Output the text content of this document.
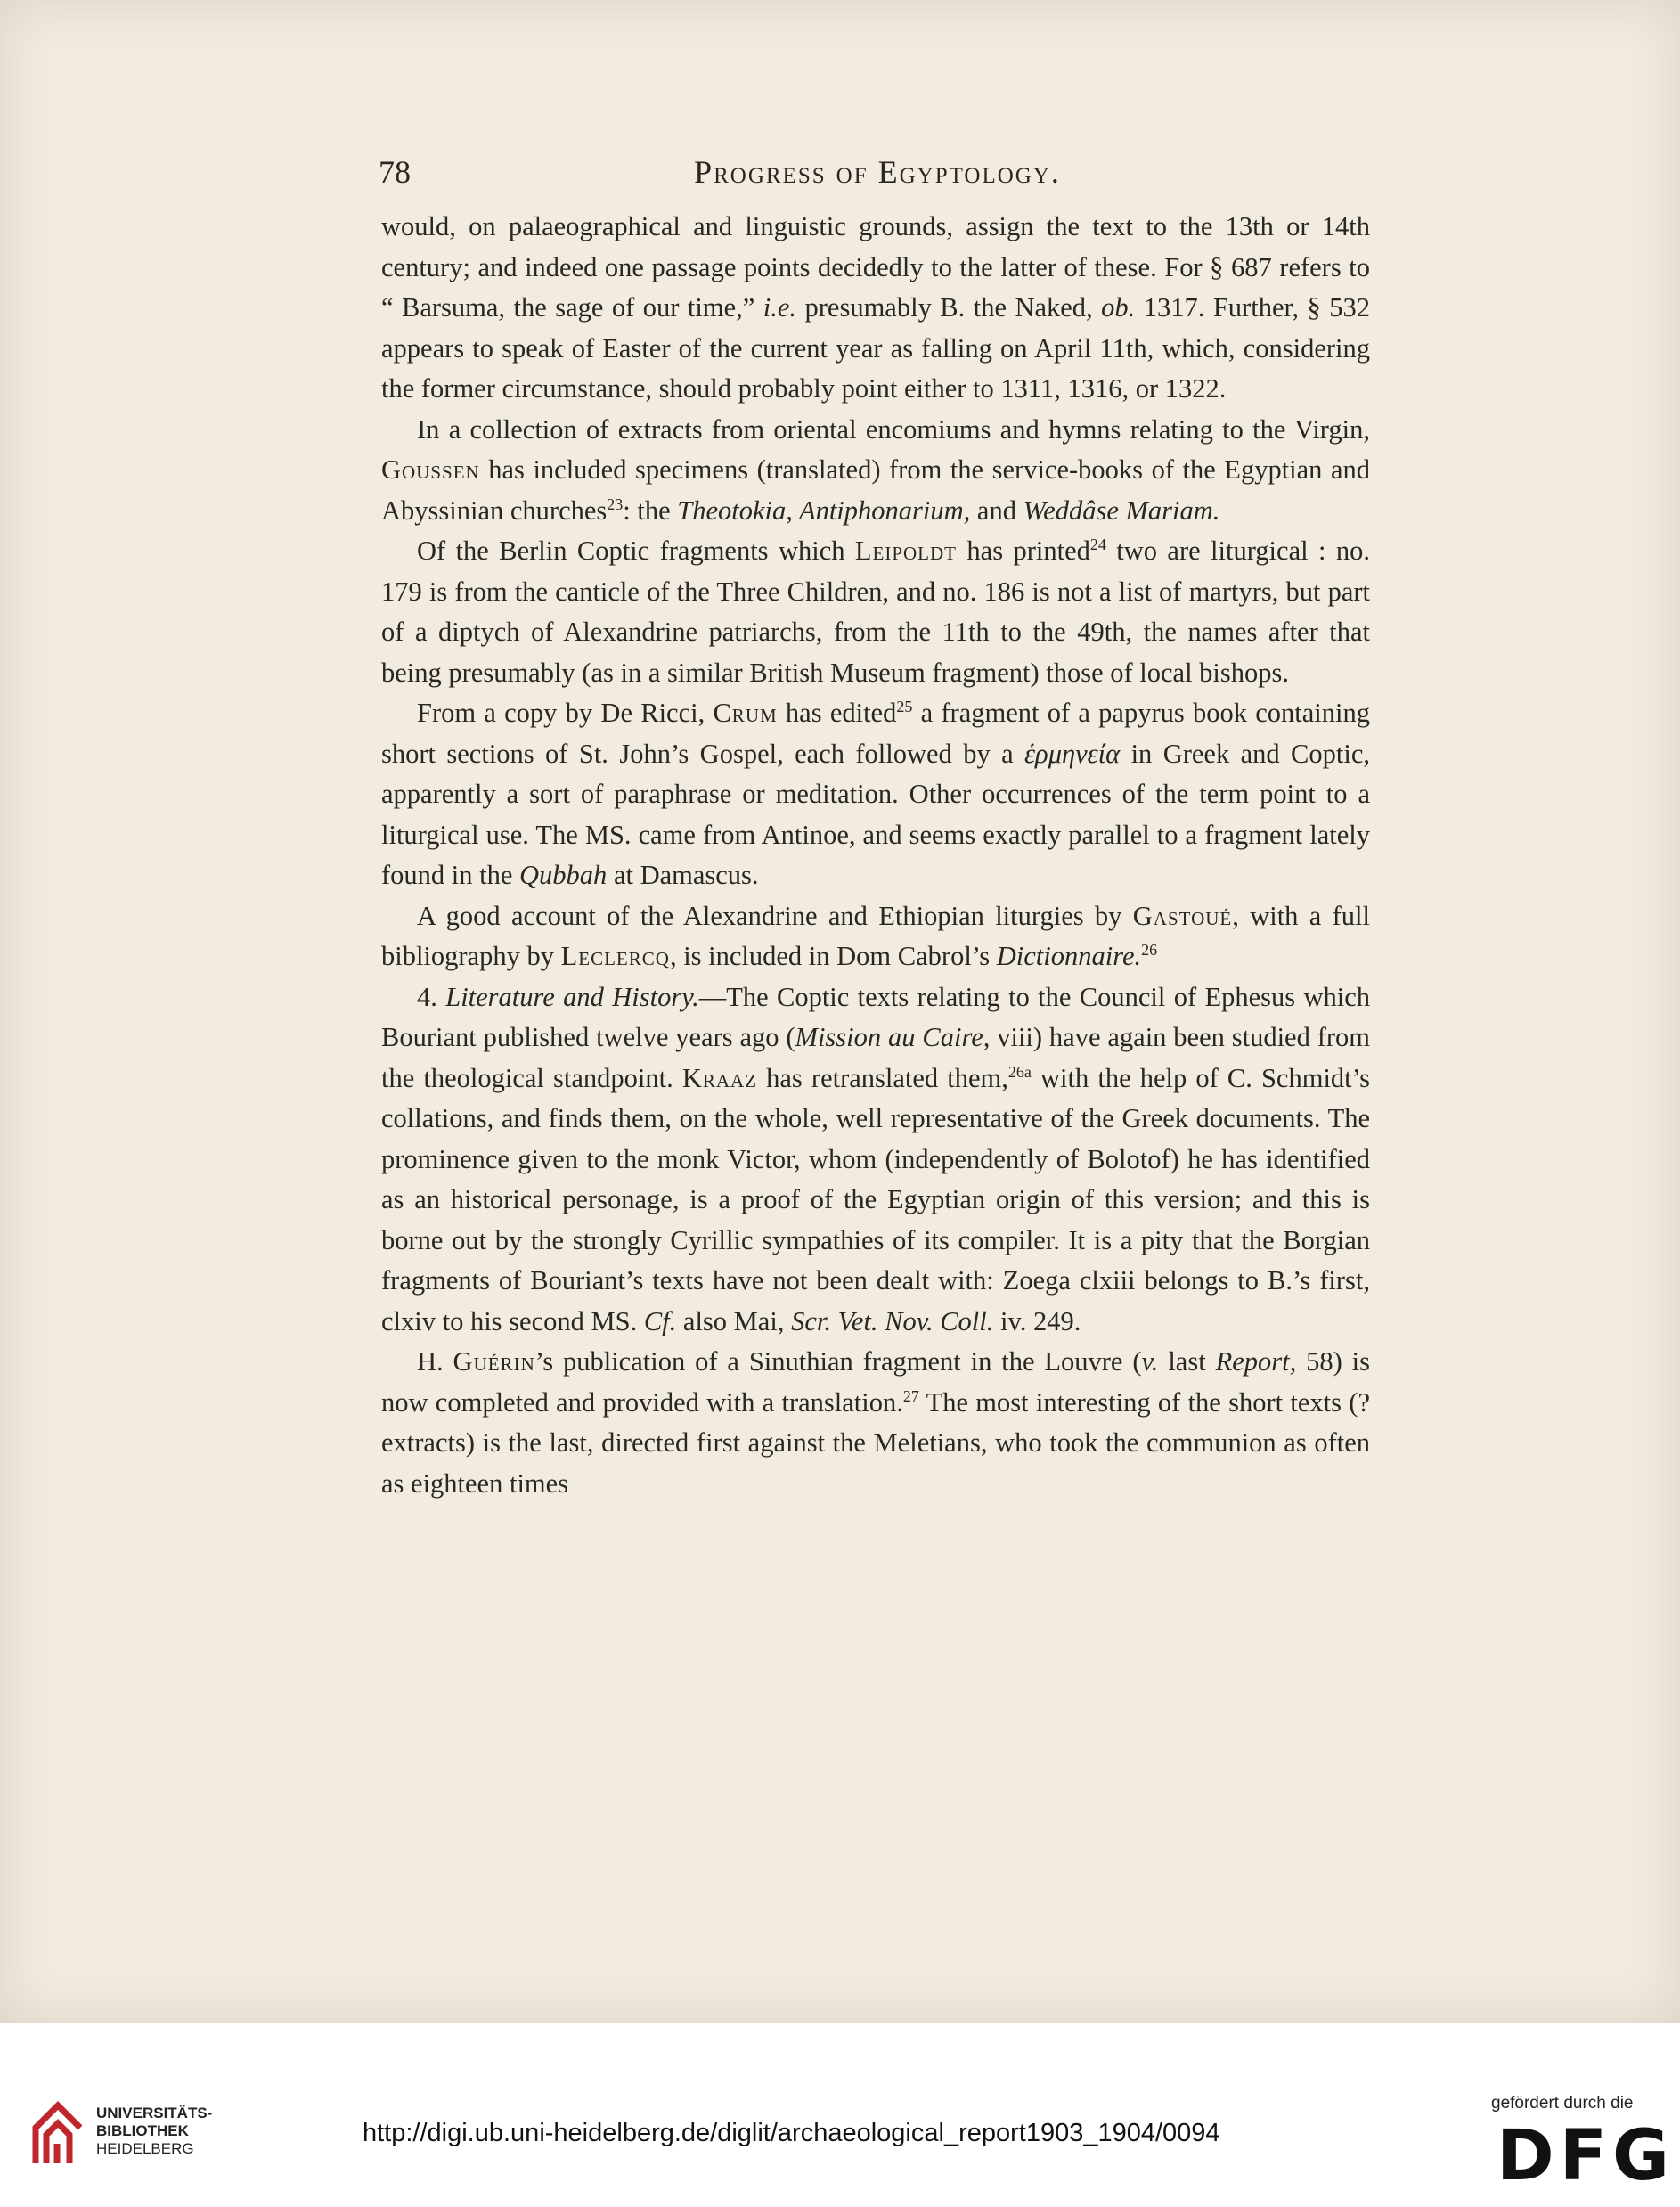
78	Progress of Egyptology.

would, on palaeographical and linguistic grounds, assign the text to the 13th or 14th century; and indeed one passage points decidedly to the latter of these. For § 687 refers to “ Barsuma, the sage of our time,” i.e. presumably B. the Naked, ob. 1317. Further, § 532 appears to speak of Easter of the current year as falling on April 11th, which, considering the former circumstance, should probably point either to 1311, 1316, or 1322.

In a collection of extracts from oriental encomiums and hymns relating to the Virgin, Goussen has included specimens (translated) from the service-books of the Egyptian and Abyssinian churches$^{23}$: the Theotokia, Antiphonarium, and Weddâse Mariam.

Of the Berlin Coptic fragments which Leipoldt has printed$^{24}$ two are liturgical : no. 179 is from the canticle of the Three Children, and no. 186 is not a list of martyrs, but part of a diptych of Alexandrine patriarchs, from the 11th to the 49th, the names after that being presumably (as in a similar British Museum fragment) those of local bishops.

From a copy by De Ricci, Crum has edited$^{25}$ a fragment of a papyrus book containing short sections of St. John’s Gospel, each followed by a ἑρμηνεία in Greek and Coptic, apparently a sort of paraphrase or meditation. Other occurrences of the term point to a liturgical use. The MS. came from Antinoe, and seems exactly parallel to a fragment lately found in the Qubbah at Damascus.

A good account of the Alexandrine and Ethiopian liturgies by Gastoué, with a full bibliography by Leclercq, is included in Dom Cabrol’s Dictionnaire.$^{26}$

4. Literature and History.—The Coptic texts relating to the Council of Ephesus which Bouriant published twelve years ago (Mission au Caire, viii) have again been studied from the theological standpoint. Kraaz has retranslated them,$^{26a}$ with the help of C. Schmidt’s collations, and finds them, on the whole, well representative of the Greek documents. The prominence given to the monk Victor, whom (independently of Bolotof) he has identified as an historical personage, is a proof of the Egyptian origin of this version; and this is borne out by the strongly Cyrillic sympathies of its compiler. It is a pity that the Borgian fragments of Bouriant’s texts have not been dealt with: Zoega clxiii belongs to B.’s first, clxiv to his second MS. Cf. also Mai, Scr. Vet. Nov. Coll. iv. 249.

H. Guérin’s publication of a Sinuthian fragment in the Louvre (v. last Report, 58) is now completed and provided with a translation.$^{27}$ The most interesting of the short texts (? extracts) is the last, directed first against the Meletians, who took the communion as often as eighteen times

UNIVERSITÄTS-
BIBLIOTHEK
HEIDELBERG
http://digi.ub.uni-heidelberg.de/diglit/archaeological_report1903_1904/0094
gefördert durch die
DFG
